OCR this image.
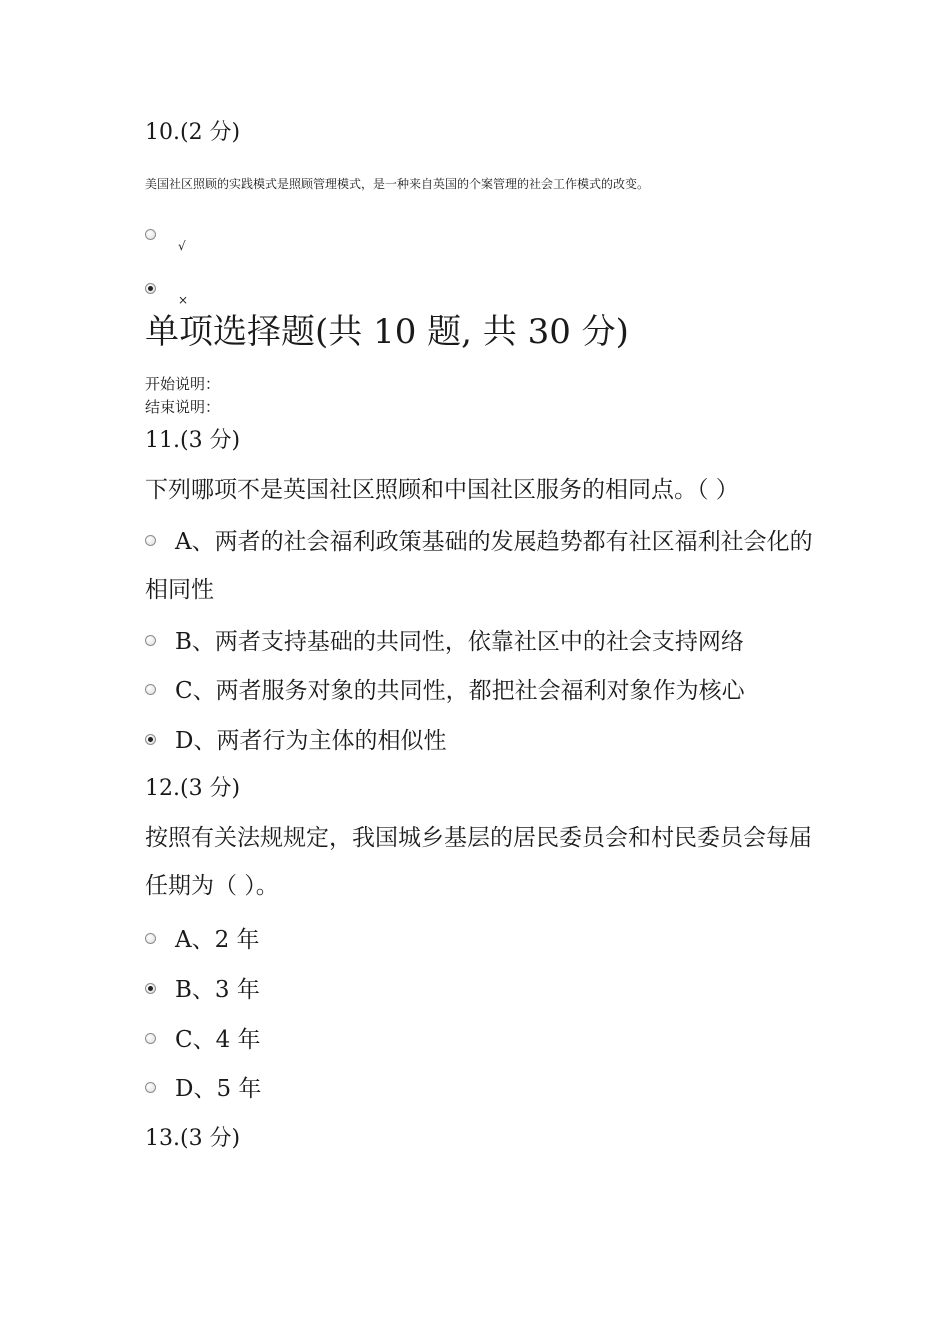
10.(2 分)
美国社区照顾的实践模式是照顾管理模式，是一种来自英国的个案管理的社会工作模式的改变。
√
×
单项选择题(共 10 题, 共 30 分)
开始说明：
结束说明：
11.(3 分)
下列哪项不是英国社区照顾和中国社区服务的相同点。（ ）
A、两者的社会福利政策基础的发展趋势都有社区福利社会化的相同性
B、两者支持基础的共同性，依靠社区中的社会支持网络
C、两者服务对象的共同性，都把社会福利对象作为核心
D、两者行为主体的相似性
12.(3 分)
按照有关法规规定，我国城乡基层的居民委员会和村民委员会每届任期为（ ）。
A、2 年
B、3 年
C、4 年
D、5 年
13.(3 分)
